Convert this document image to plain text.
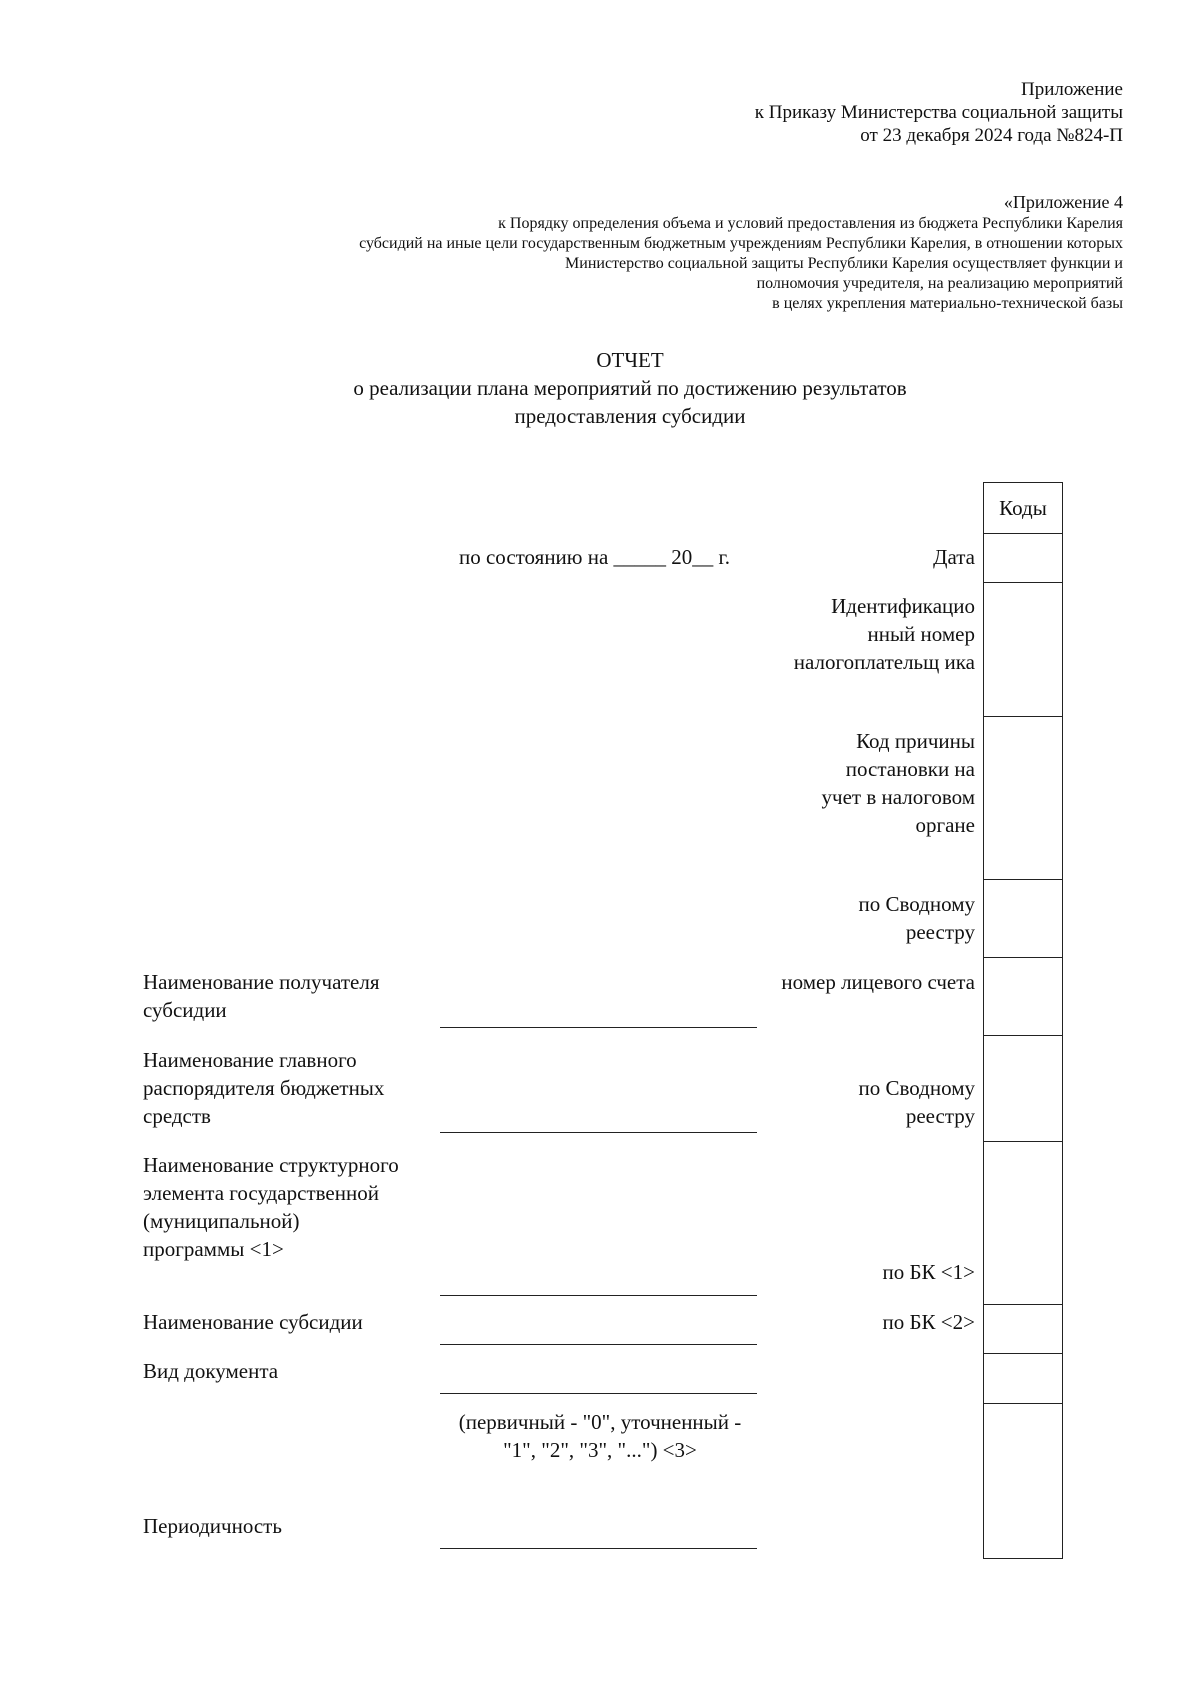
Приложение
к Приказу Министерства социальной защиты
от 23 декабря 2024 года №824-П
«Приложение 4
к Порядку определения объема и условий предоставления из бюджета Республики Карелия
субсидий на иные цели государственным бюджетным учреждениям Республики Карелия, в отношении которых
Министерство социальной защиты Республики Карелия осуществляет функции и
полномочия учредителя, на реализацию мероприятий
в целях укрепления материально-технической базы
ОТЧЕТ
о реализации плана мероприятий по достижению результатов
предоставления субсидии
по состоянию на _____ 20__ г.
Коды
Дата
Идентификацио нный номер налогоплательщ ика
Код причины постановки на учет в налоговом органе
по Сводному реестру
номер лицевого счета
по Сводному реестру
по БК <1>
по БК <2>
Наименование получателя субсидии
Наименование главного распорядителя бюджетных средств
Наименование структурного элемента государственной (муниципальной) программы <1>
Наименование субсидии
Вид документа
(первичный - "0", уточненный - "1", "2", "3", "...") <3>
Периодичность
